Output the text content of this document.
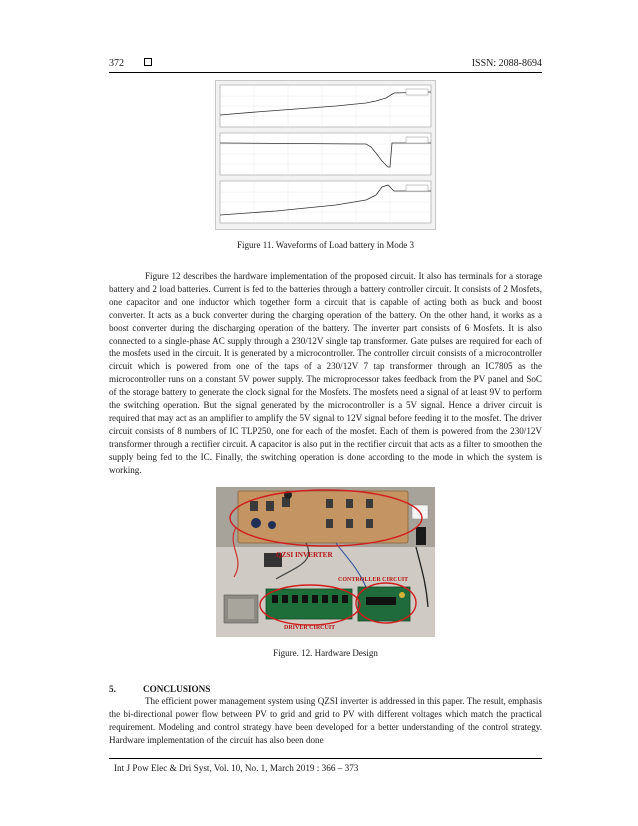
372	ISSN: 2088-8694
Figure 11. Waveforms of Load battery in Mode 3

Figure 12 describes the hardware implementation of the proposed circuit. It also has terminals for a storage battery and 2 load batteries. Current is fed to the batteries through a battery controller circuit. It consists of 2 Mosfets, one capacitor and one inductor which together form a circuit that is capable of acting both as buck and boost converter. It acts as a buck converter during the charging operation of the battery. On the other hand, it works as a boost converter during the discharging operation of the battery. The inverter part consists of 6 Mosfets. It is also connected to a single-phase AC supply through a 230/12V single tap transformer. Gate pulses are required for each of the mosfets used in the circuit. It is generated by a microcontroller. The controller circuit consists of a microcontroller circuit which is powered from one of the taps of a 230/12V 7 tap transformer through an IC7805 as the microcontroller runs on a constant 5V power supply. The microprocessor takes feedback from the PV panel and SoC of the storage battery to generate the clock signal for the Mosfets. The mosfets need a signal of at least 9V to perform the switching operation. But the signal generated by the microcontroller is a 5V signal. Hence a driver circuit is required that may act as an amplifier to amplify the 5V signal to 12V signal before feeding it to the mosfet. The driver circuit consists of 8 numbers of IC TLP250, one for each of the mosfet. Each of them is powered from the 230/12V transformer through a rectifier circuit. A capacitor is also put in the rectifier circuit that acts as a filter to smoothen the supply being fed to the IC. Finally, the switching operation is done according to the mode in which the system is working.

QZSI INVERTER
CONTROLLER CIRCUIT
DRIVER CIRCUIT
Figure. 12. Hardware Design
5.	CONCLUSIONS

The efficient power management system using QZSI inverter is addressed in this paper. The result, emphasis the bi-directional power flow between PV to grid and grid to PV with different voltages which match the practical requirement. Modeling and control strategy have been developed for a better understanding of the control strategy. Hardware implementation of the circuit has also been done

Int J Pow Elec & Dri Syst, Vol. 10, No. 1, March 2019 : 366 – 373
